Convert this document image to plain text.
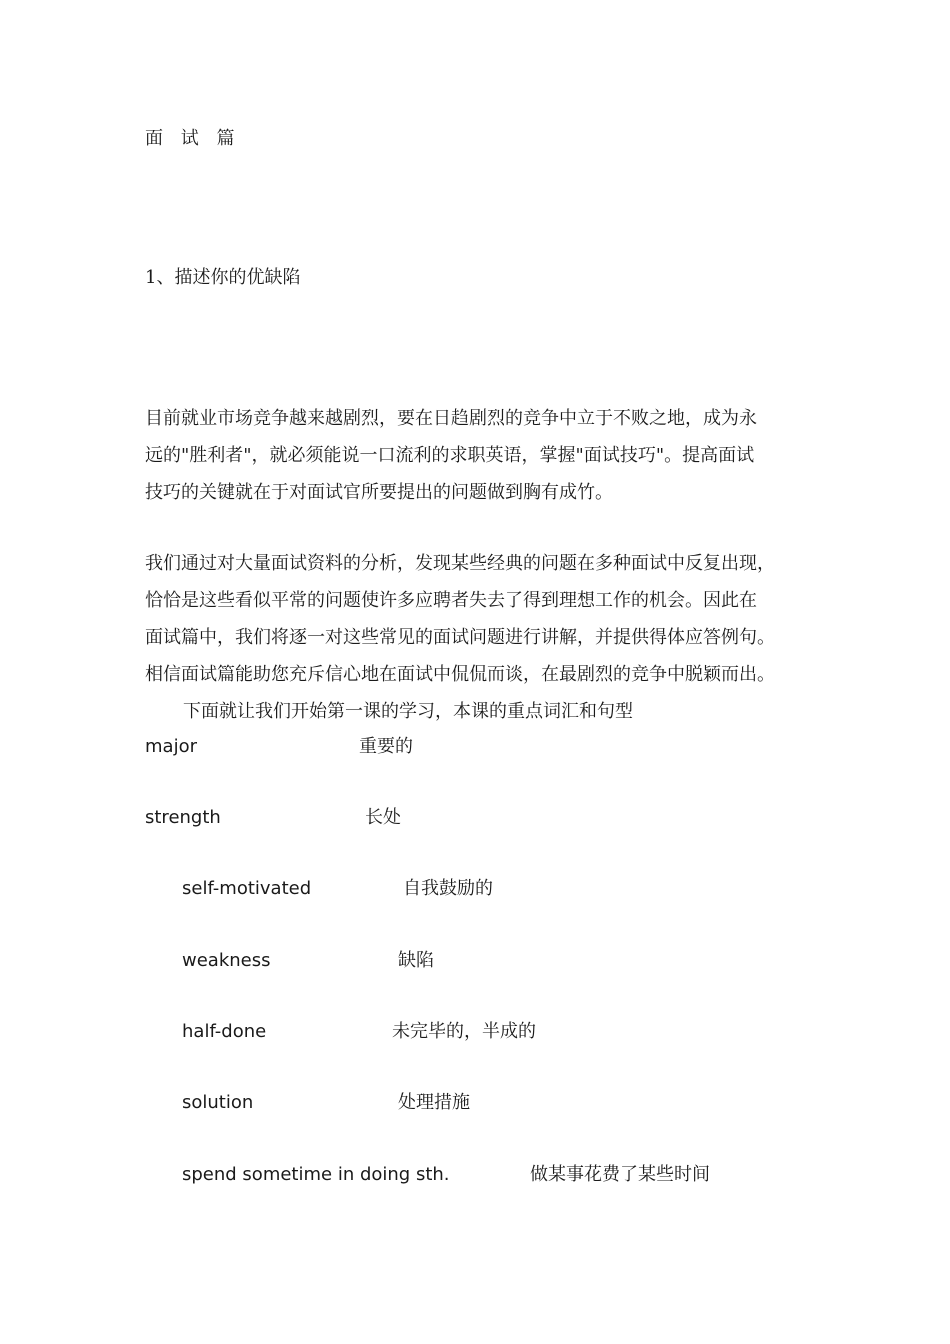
面 试 篇
1、描述你的优缺陷
目前就业市场竞争越来越剧烈，要在日趋剧烈的竞争中立于不败之地，成为永
远的"胜利者"，就必须能说一口流利的求职英语，掌握"面试技巧"。提高面试
技巧的关键就在于对面试官所要提出的问题做到胸有成竹。
我们通过对大量面试资料的分析，发现某些经典的问题在多种面试中反复出现，
恰恰是这些看似平常的问题使许多应聘者失去了得到理想工作的机会。因此在
面试篇中，我们将逐一对这些常见的面试问题进行讲解，并提供得体应答例句。
相信面试篇能助您充斥信心地在面试中侃侃而谈，在最剧烈的竞争中脱颖而出。
下面就让我们开始第一课的学习，本课的重点词汇和句型
major	重要的
strength	长处
self-motivated	自我鼓励的
weakness	缺陷
half-done	未完毕的，半成的
solution	处理措施
spend sometime in doing sth.	做某事花费了某些时间
